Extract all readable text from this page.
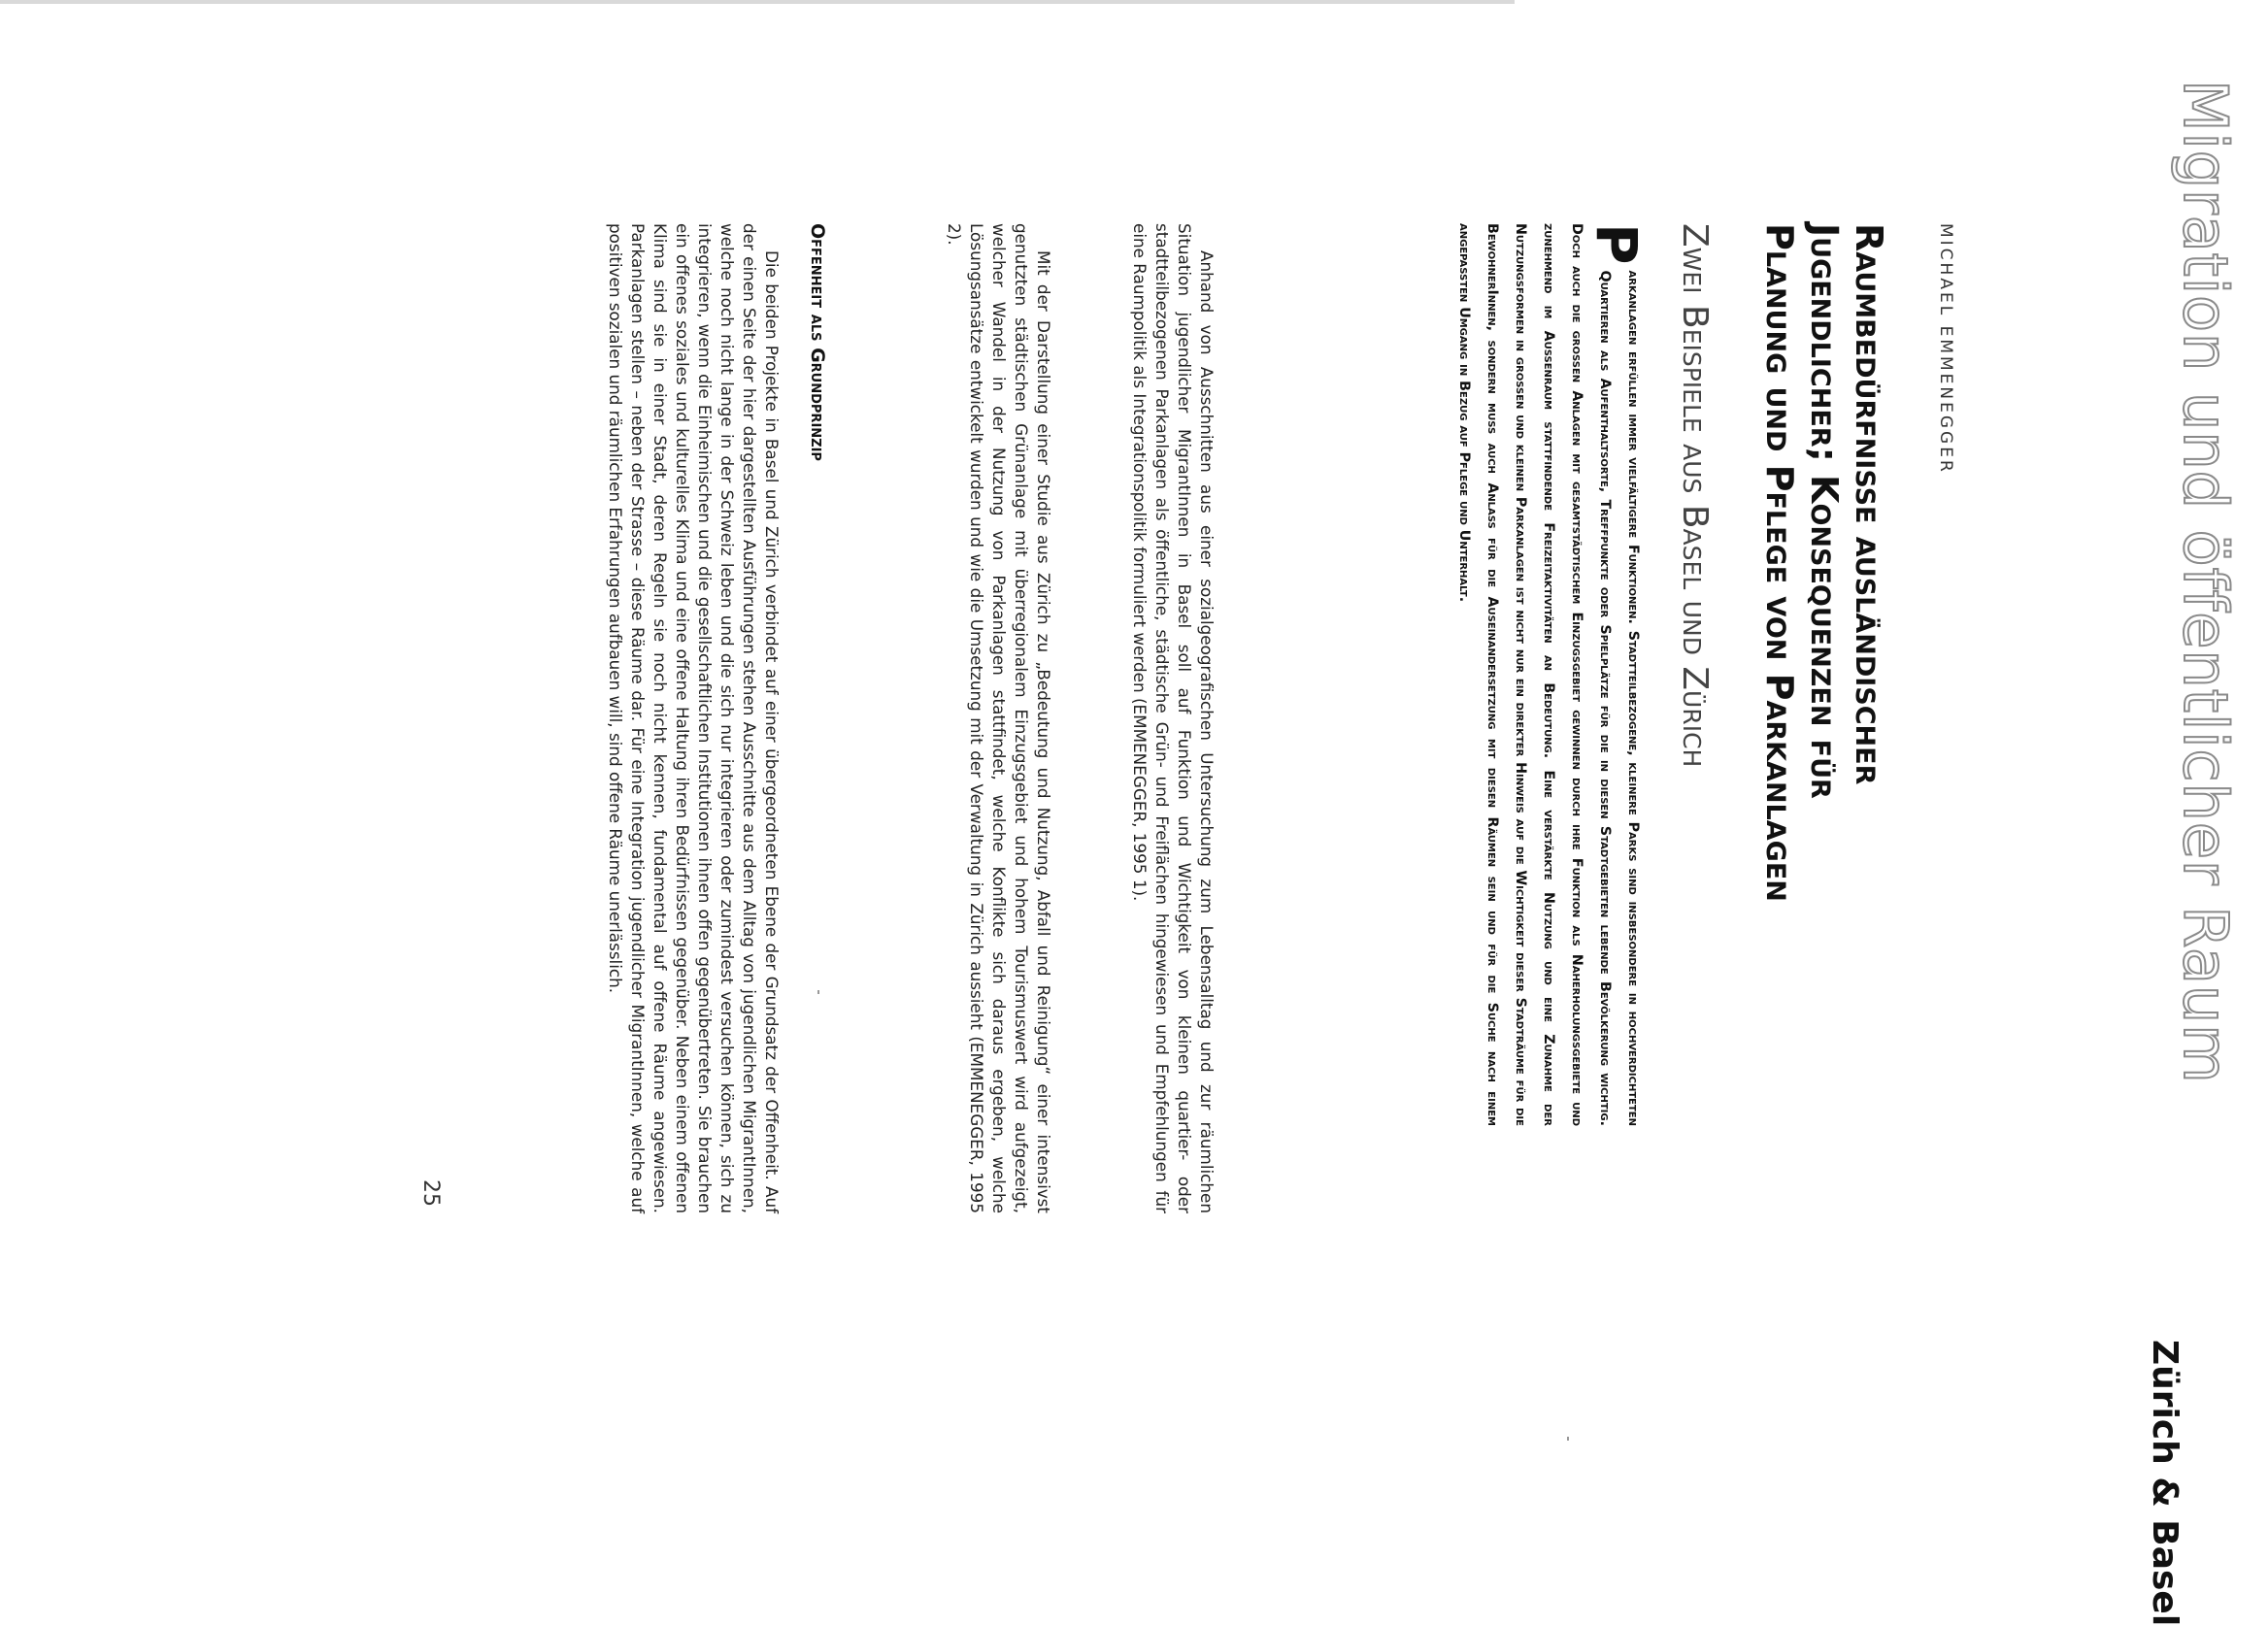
Migration und öffentlicher Raum
Zürich & Basel
MICHAEL EMMENEGGER
Raumbedürfnisse ausländischer
Jugendlicher; Konsequenzen für
Planung und Pflege von Parkanlagen
Zwei Beispiele aus Basel und Zürich
P
arkanlagen erfüllen immer vielfältigere Funktionen. Stadtteilbezogene, kleinere Parks sind insbesondere in hochverdichteten Quartieren als Aufenthaltsorte, Treffpunkte oder Spielplätze für die in diesen Stadtgebieten lebende Bevölkerung wichtig. Doch auch die grossen Anlagen mit gesamtstädtischem Einzugsgebiet gewinnen durch ihre Funktion als Naherholungsgebiete und zunehmend im Aussenraum stattfindende Freizeitaktivitäten an Bedeutung. Eine verstärkte Nutzung und eine Zunahme der Nutzungsformen in grossen und kleinen Parkanlagen ist nicht nur ein direkter Hinweis auf die Wichtigkeit dieser Stadträume für die BewohnerInnen, sondern muss auch Anlass für die Auseinandersetzung mit diesen Räumen sein und für die Suche nach einem angepassten Umgang in Bezug auf Pflege und Unterhalt.

Anhand von Ausschnitten aus einer sozialgeografischen Untersuchung zum Lebensalltag und zur räumlichen Situation jugendlicher MigrantInnen in Basel soll auf Funktion und Wichtigkeit von kleinen quartier- oder stadtteilbezogenen Parkanlagen als öffentliche, städtische Grün- und Freiflächen hingewiesen und Empfehlungen für eine Raumpolitik als Integrationspolitik formuliert werden (EMMENEGGER, 1995 1).

Mit der Darstellung einer Studie aus Zürich zu „Bedeutung und Nutzung, Abfall und Reinigung“ einer intensivst genutzten städtischen Grünanlage mit überregionalem Einzugsgebiet und hohem Tourismuswert wird aufgezeigt, welcher Wandel in der Nutzung von Parkanlagen stattfindet, welche Konflikte sich daraus ergeben, welche Lösungsansätze entwickelt wurden und wie die Umsetzung mit der Verwaltung in Zürich aussieht (EMMENEGGER, 1995 2).

Offenheit als Grundprinzip

Die beiden Projekte in Basel und Zürich verbindet auf einer übergeordneten Ebene der Grundsatz der Offenheit. Auf der einen Seite der hier dargestellten Ausführungen stehen Ausschnitte aus dem Alltag von jugendlichen MigrantInnen, welche noch nicht lange in der Schweiz leben und die sich nur integrieren oder zumindest versuchen können, sich zu integrieren, wenn die Einheimischen und die gesellschaftlichen Institutionen ihnen offen gegenübertreten. Sie brauchen ein offenes soziales und kulturelles Klima und eine offene Haltung ihren Bedürfnissen gegenüber. Neben einem offenen Klima sind sie in einer Stadt, deren Regeln sie noch nicht kennen, fundamental auf offene Räume angewiesen. Parkanlagen stellen – neben der Strasse – diese Räume dar. Für eine Integration jugendlicher MigrantInnen, welche auf positiven sozialen und räumlichen Erfahrungen aufbauen will, sind offene Räume unerlässlich.

25
